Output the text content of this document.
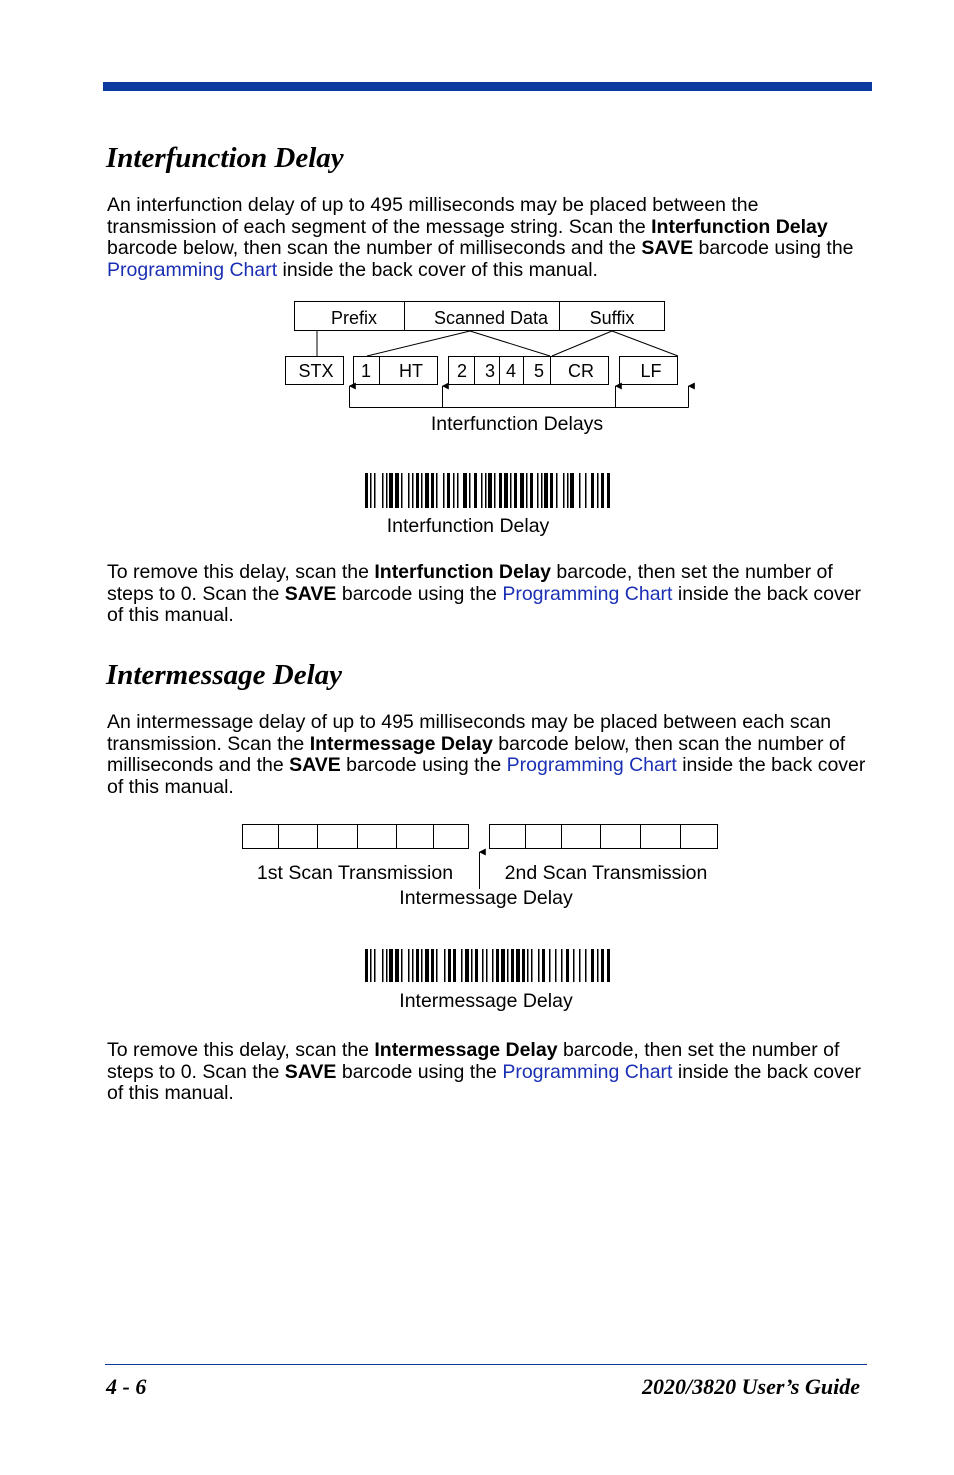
Interfunction Delay

An interfunction delay of up to 495 milliseconds may be placed between the transmission of each segment of the message string. Scan the Interfunction Delay barcode below, then scan the number of milliseconds and the SAVE barcode using the Programming Chart inside the back cover of this manual.

Prefix	Scanned Data Suffix
STX 1 HT 2 3 4 5 CR	LF
Interfunction Delays
1st Scan Transmission	2nd Scan Transmission
Intermessage Delay
Interfunction Delay

To remove this delay, scan the Interfunction Delay barcode, then set the number of steps to 0. Scan the SAVE barcode using the Programming Chart inside the back cover of this manual.

Intermessage Delay

An intermessage delay of up to 495 milliseconds may be placed between each scan transmission. Scan the Intermessage Delay barcode below, then scan the number of milliseconds and the SAVE barcode using the Programming Chart inside the back cover of this manual.

Intermessage Delay

To remove this delay, scan the Intermessage Delay barcode, then set the number of steps to 0. Scan the SAVE barcode using the Programming Chart inside the back cover of this manual.

4 - 6	2020/3820 User’s Guide
